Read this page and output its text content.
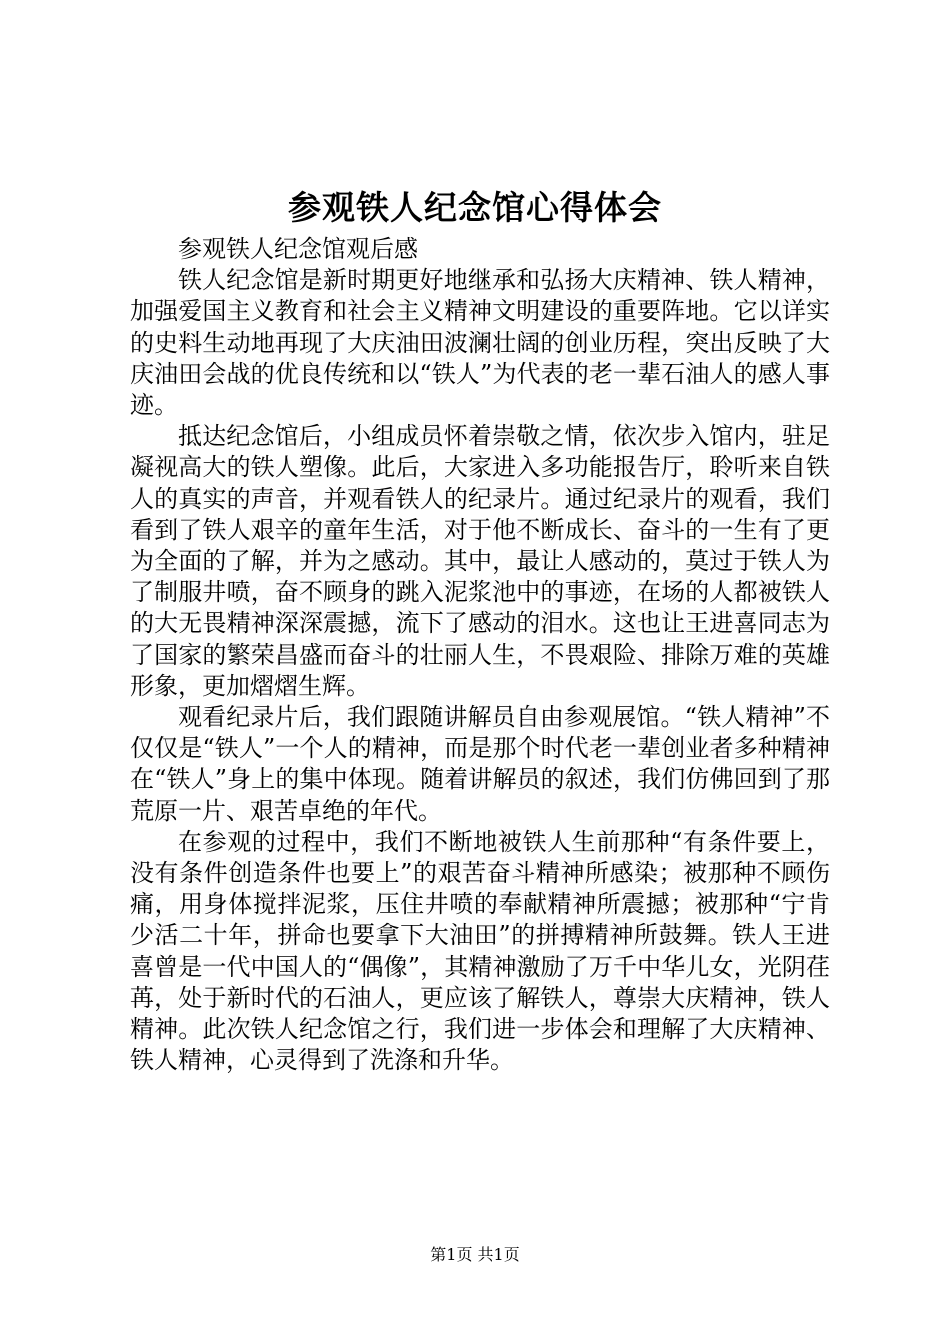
参观铁人纪念馆心得体会

参观铁人纪念馆观后感

铁人纪念馆是新时期更好地继承和弘扬大庆精神、铁人精神，加强爱国主义教育和社会主义精神文明建设的重要阵地。它以详实的史料生动地再现了大庆油田波澜壮阔的创业历程，突出反映了大庆油田会战的优良传统和以“铁人”为代表的老一辈石油人的感人事迹。

抵达纪念馆后，小组成员怀着崇敬之情，依次步入馆内，驻足凝视高大的铁人塑像。此后，大家进入多功能报告厅，聆听来自铁人的真实的声音，并观看铁人的纪录片。通过纪录片的观看，我们看到了铁人艰辛的童年生活，对于他不断成长、奋斗的一生有了更为全面的了解，并为之感动。其中，最让人感动的，莫过于铁人为了制服井喷，奋不顾身的跳入泥浆池中的事迹，在场的人都被铁人的大无畏精神深深震撼，流下了感动的泪水。这也让王进喜同志为了国家的繁荣昌盛而奋斗的壮丽人生，不畏艰险、排除万难的英雄形象，更加熠熠生辉。

观看纪录片后，我们跟随讲解员自由参观展馆。“铁人精神”不仅仅是“铁人”一个人的精神，而是那个时代老一辈创业者多种精神在“铁人”身上的集中体现。随着讲解员的叙述，我们仿佛回到了那荒原一片、艰苦卓绝的年代。

在参观的过程中，我们不断地被铁人生前那种“有条件要上，没有条件创造条件也要上”的艰苦奋斗精神所感染；被那种不顾伤痛，用身体搅拌泥浆，压住井喷的奉献精神所震撼；被那种“宁肯少活二十年，拼命也要拿下大油田”的拼搏精神所鼓舞。铁人王进喜曾是一代中国人的“偶像”，其精神激励了万千中华儿女，光阴荏苒，处于新时代的石油人，更应该了解铁人，尊崇大庆精神，铁人精神。此次铁人纪念馆之行，我们进一步体会和理解了大庆精神、铁人精神，心灵得到了洗涤和升华。

第1页 共1页
